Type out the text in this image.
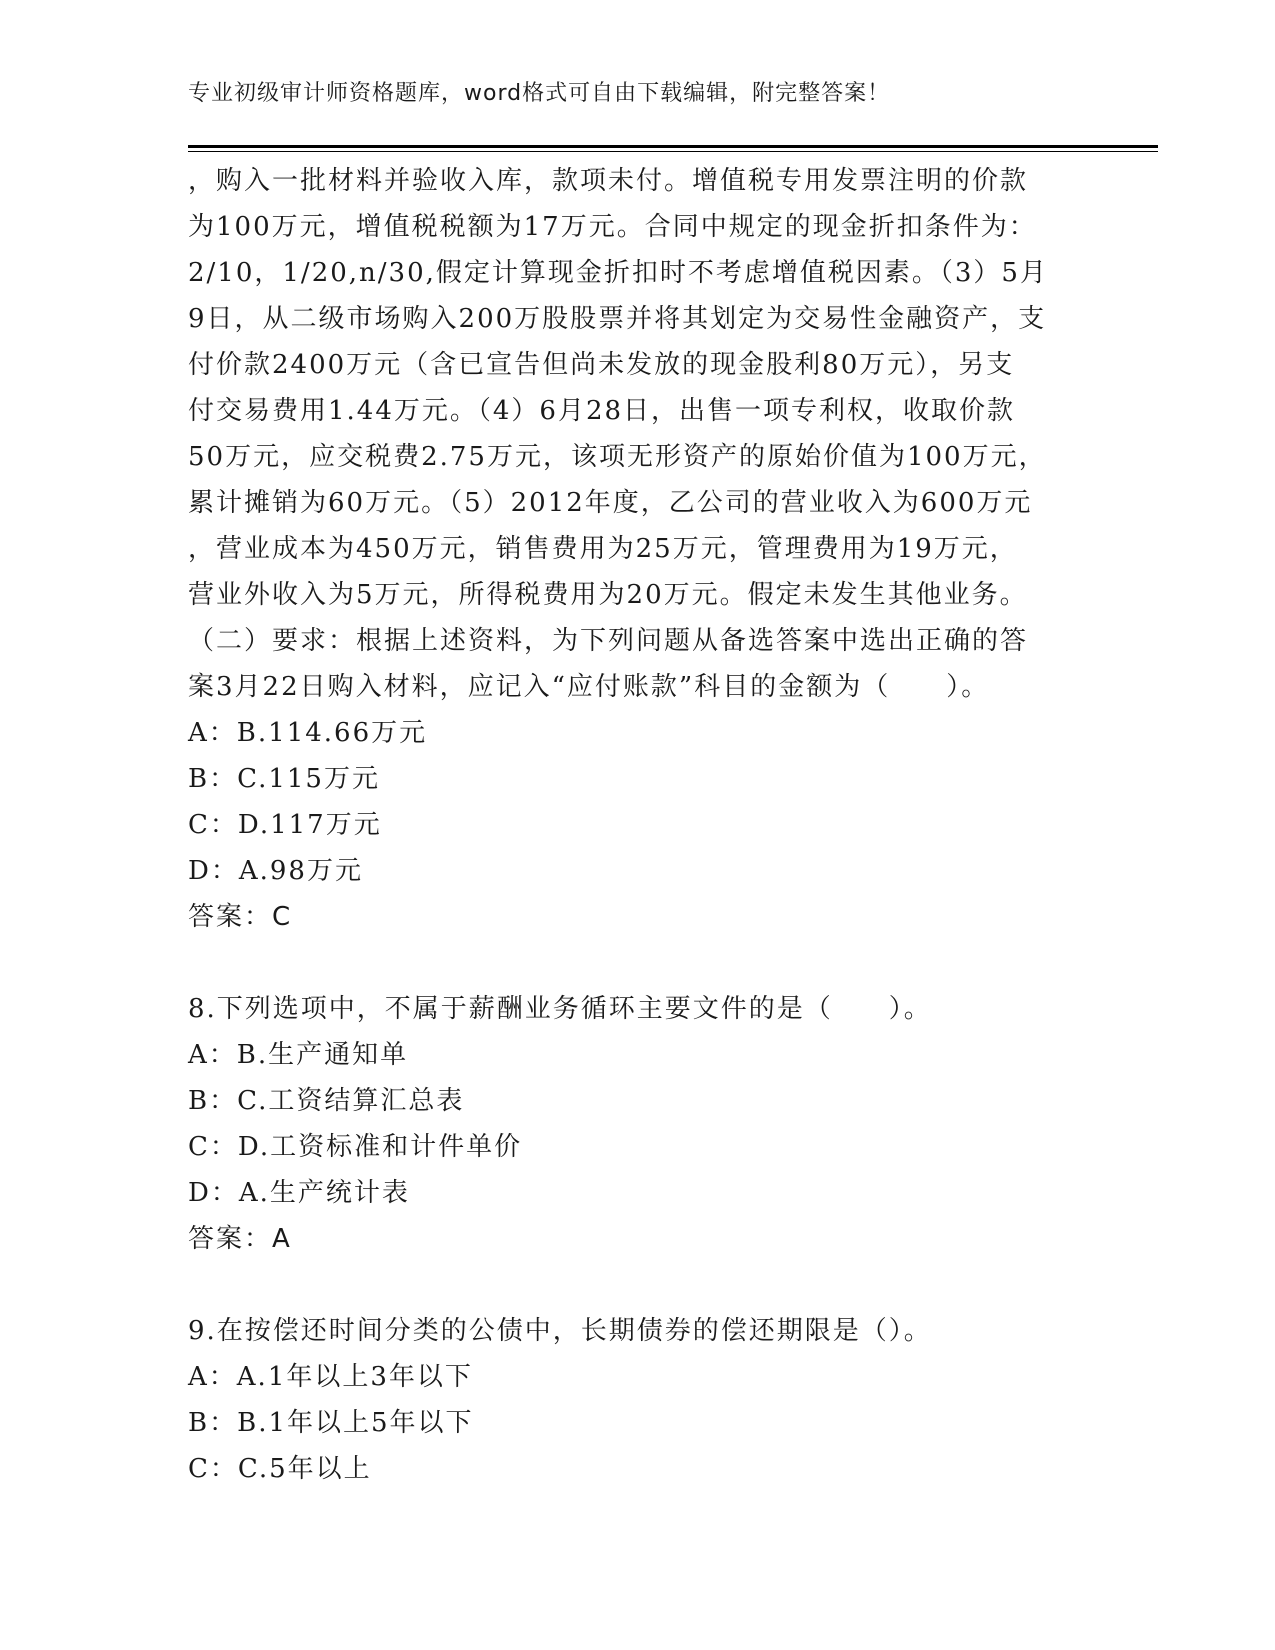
专业初级审计师资格题库，word格式可自由下载编辑，附完整答案！
，购入一批材料并验收入库，款项未付。增值税专用发票注明的价款
为100万元，增值税税额为17万元。合同中规定的现金折扣条件为：
2/10，1/20,n/30,假定计算现金折扣时不考虑增值税因素。（3）5月
9日，从二级市场购入200万股股票并将其划定为交易性金融资产，支
付价款2400万元（含已宣告但尚未发放的现金股利80万元），另支
付交易费用1.44万元。（4）6月28日，出售一项专利权，收取价款
50万元，应交税费2.75万元，该项无形资产的原始价值为100万元，
累计摊销为60万元。（5）2012年度，乙公司的营业收入为600万元
，营业成本为450万元，销售费用为25万元，管理费用为19万元，
营业外收入为5万元，所得税费用为20万元。假定未发生其他业务。
（二）要求：根据上述资料，为下列问题从备选答案中选出正确的答
案3月22日购入材料，应记入“应付账款”科目的金额为（　　）。
A：B.114.66万元
B：C.115万元
C：D.117万元
D：A.98万元
答案：C
8.下列选项中，不属于薪酬业务循环主要文件的是（　　）。
A：B.生产通知单
B：C.工资结算汇总表
C：D.工资标准和计件单价
D：A.生产统计表
答案：A
9.在按偿还时间分类的公债中，长期债券的偿还期限是（）。
A：A.1年以上3年以下
B：B.1年以上5年以下
C：C.5年以上
